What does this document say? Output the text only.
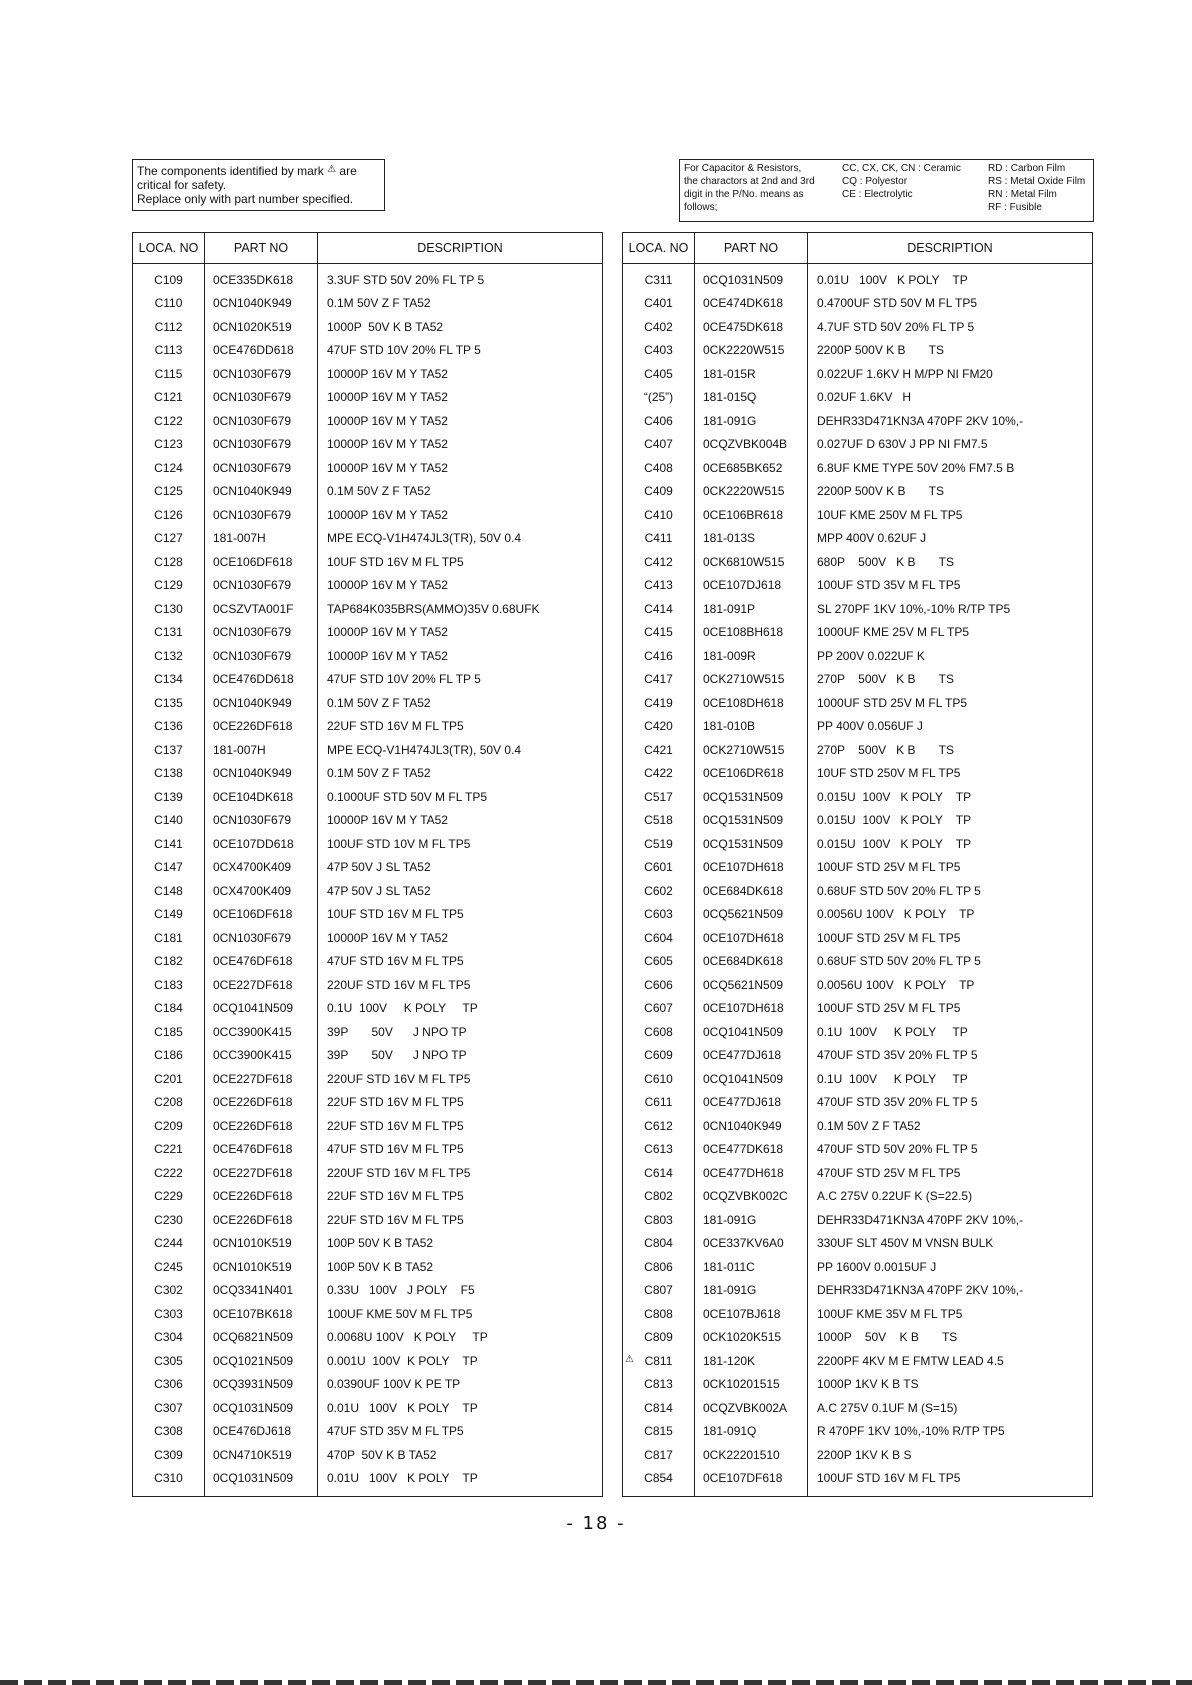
The components identified by mark ⚠ are
critical for safety.
Replace only with part number specified.
For Capacitor & Resistors,
the charactors at 2nd and 3rd
digit in the P/No. means as
follows;
CC, CX, CK, CN : Ceramic
CQ : Polyestor
CE : Electrolytic
RD : Carbon Film
RS : Metal Oxide Film
RN : Metal Film
RF : Fusible
LOCA. NO	PART NO	DESCRIPTION
C109	0CE335DK618	3.3UF STD 50V 20% FL TP 5
C110	0CN1040K949	0.1M 50V Z F TA52
C112	0CN1020K519	1000P  50V K B TA52
C113	0CE476DD618	47UF STD 10V 20% FL TP 5
C115	0CN1030F679	10000P 16V M Y TA52
C121	0CN1030F679	10000P 16V M Y TA52
C122	0CN1030F679	10000P 16V M Y TA52
C123	0CN1030F679	10000P 16V M Y TA52
C124	0CN1030F679	10000P 16V M Y TA52
C125	0CN1040K949	0.1M 50V Z F TA52
C126	0CN1030F679	10000P 16V M Y TA52
C127	181-007H	MPE ECQ-V1H474JL3(TR), 50V 0.4
C128	0CE106DF618	10UF STD 16V M FL TP5
C129	0CN1030F679	10000P 16V M Y TA52
C130	0CSZVTA001F	TAP684K035BRS(AMMO)35V 0.68UFK
C131	0CN1030F679	10000P 16V M Y TA52
C132	0CN1030F679	10000P 16V M Y TA52
C134	0CE476DD618	47UF STD 10V 20% FL TP 5
C135	0CN1040K949	0.1M 50V Z F TA52
C136	0CE226DF618	22UF STD 16V M FL TP5
C137	181-007H	MPE ECQ-V1H474JL3(TR), 50V 0.4
C138	0CN1040K949	0.1M 50V Z F TA52
C139	0CE104DK618	0.1000UF STD 50V M FL TP5
C140	0CN1030F679	10000P 16V M Y TA52
C141	0CE107DD618	100UF STD 10V M FL TP5
C147	0CX4700K409	47P 50V J SL TA52
C148	0CX4700K409	47P 50V J SL TA52
C149	0CE106DF618	10UF STD 16V M FL TP5
C181	0CN1030F679	10000P 16V M Y TA52
C182	0CE476DF618	47UF STD 16V M FL TP5
C183	0CE227DF618	220UF STD 16V M FL TP5
C184	0CQ1041N509	0.1U  100V     K POLY     TP
C185	0CC3900K415	39P       50V      J NPO TP
C186	0CC3900K415	39P       50V      J NPO TP
C201	0CE227DF618	220UF STD 16V M FL TP5
C208	0CE226DF618	22UF STD 16V M FL TP5
C209	0CE226DF618	22UF STD 16V M FL TP5
C221	0CE476DF618	47UF STD 16V M FL TP5
C222	0CE227DF618	220UF STD 16V M FL TP5
C229	0CE226DF618	22UF STD 16V M FL TP5
C230	0CE226DF618	22UF STD 16V M FL TP5
C244	0CN1010K519	100P 50V K B TA52
C245	0CN1010K519	100P 50V K B TA52
C302	0CQ3341N401	0.33U   100V   J POLY    F5
C303	0CE107BK618	100UF KME 50V M FL TP5
C304	0CQ6821N509	0.0068U 100V   K POLY     TP
C305	0CQ1021N509	0.001U  100V  K POLY    TP
C306	0CQ3931N509	0.0390UF 100V K PE TP
C307	0CQ1031N509	0.01U   100V   K POLY    TP
C308	0CE476DJ618	47UF STD 35V M FL TP5
C309	0CN4710K519	470P  50V K B TA52
C310	0CQ1031N509	0.01U   100V   K POLY    TP
LOCA. NO	PART NO	DESCRIPTION
C311	0CQ1031N509	0.01U   100V   K POLY    TP
C401	0CE474DK618	0.4700UF STD 50V M FL TP5
C402	0CE475DK618	4.7UF STD 50V 20% FL TP 5
C403	0CK2220W515	2200P 500V K B       TS
C405	181-015R	0.022UF 1.6KV H M/PP NI FM20
“(25”)	181-015Q	0.02UF 1.6KV   H
C406	181-091G	DEHR33D471KN3A 470PF 2KV 10%,-
C407	0CQZVBK004B	0.027UF D 630V J PP NI FM7.5
C408	0CE685BK652	6.8UF KME TYPE 50V 20% FM7.5 B
C409	0CK2220W515	2200P 500V K B       TS
C410	0CE106BR618	10UF KME 250V M FL TP5
C411	181-013S	MPP 400V 0.62UF J
C412	0CK6810W515	680P    500V   K B       TS
C413	0CE107DJ618	100UF STD 35V M FL TP5
C414	181-091P	SL 270PF 1KV 10%,-10% R/TP TP5
C415	0CE108BH618	1000UF KME 25V M FL TP5
C416	181-009R	PP 200V 0.022UF K
C417	0CK2710W515	270P    500V   K B       TS
C419	0CE108DH618	1000UF STD 25V M FL TP5
C420	181-010B	PP 400V 0.056UF J
C421	0CK2710W515	270P    500V   K B       TS
C422	0CE106DR618	10UF STD 250V M FL TP5
C517	0CQ1531N509	0.015U  100V   K POLY    TP
C518	0CQ1531N509	0.015U  100V   K POLY    TP
C519	0CQ1531N509	0.015U  100V   K POLY    TP
C601	0CE107DH618	100UF STD 25V M FL TP5
C602	0CE684DK618	0.68UF STD 50V 20% FL TP 5
C603	0CQ5621N509	0.0056U 100V   K POLY    TP
C604	0CE107DH618	100UF STD 25V M FL TP5
C605	0CE684DK618	0.68UF STD 50V 20% FL TP 5
C606	0CQ5621N509	0.0056U 100V   K POLY    TP
C607	0CE107DH618	100UF STD 25V M FL TP5
C608	0CQ1041N509	0.1U  100V     K POLY     TP
C609	0CE477DJ618	470UF STD 35V 20% FL TP 5
C610	0CQ1041N509	0.1U  100V     K POLY     TP
C611	0CE477DJ618	470UF STD 35V 20% FL TP 5
C612	0CN1040K949	0.1M 50V Z F TA52
C613	0CE477DK618	470UF STD 50V 20% FL TP 5
C614	0CE477DH618	470UF STD 25V M FL TP5
C802	0CQZVBK002C	A.C 275V 0.22UF K (S=22.5)
C803	181-091G	DEHR33D471KN3A 470PF 2KV 10%,-
C804	0CE337KV6A0	330UF SLT 450V M VNSN BULK
C806	181-011C	PP 1600V 0.0015UF J
C807	181-091G	DEHR33D471KN3A 470PF 2KV 10%,-
C808	0CE107BJ618	100UF KME 35V M FL TP5
C809	0CK1020K515	1000P    50V    K B       TS

⚠ C811	181-120K	2200PF 4KV M E FMTW LEAD 4.5
C813	0CK10201515	1000P 1KV K B TS
C814	0CQZVBK002A	A.C 275V 0.1UF M (S=15)
C815	181-091Q	R 470PF 1KV 10%,-10% R/TP TP5
C817	0CK22201510	2200P 1KV K B S
C854	0CE107DF618	100UF STD 16V M FL TP5
- 18 -
